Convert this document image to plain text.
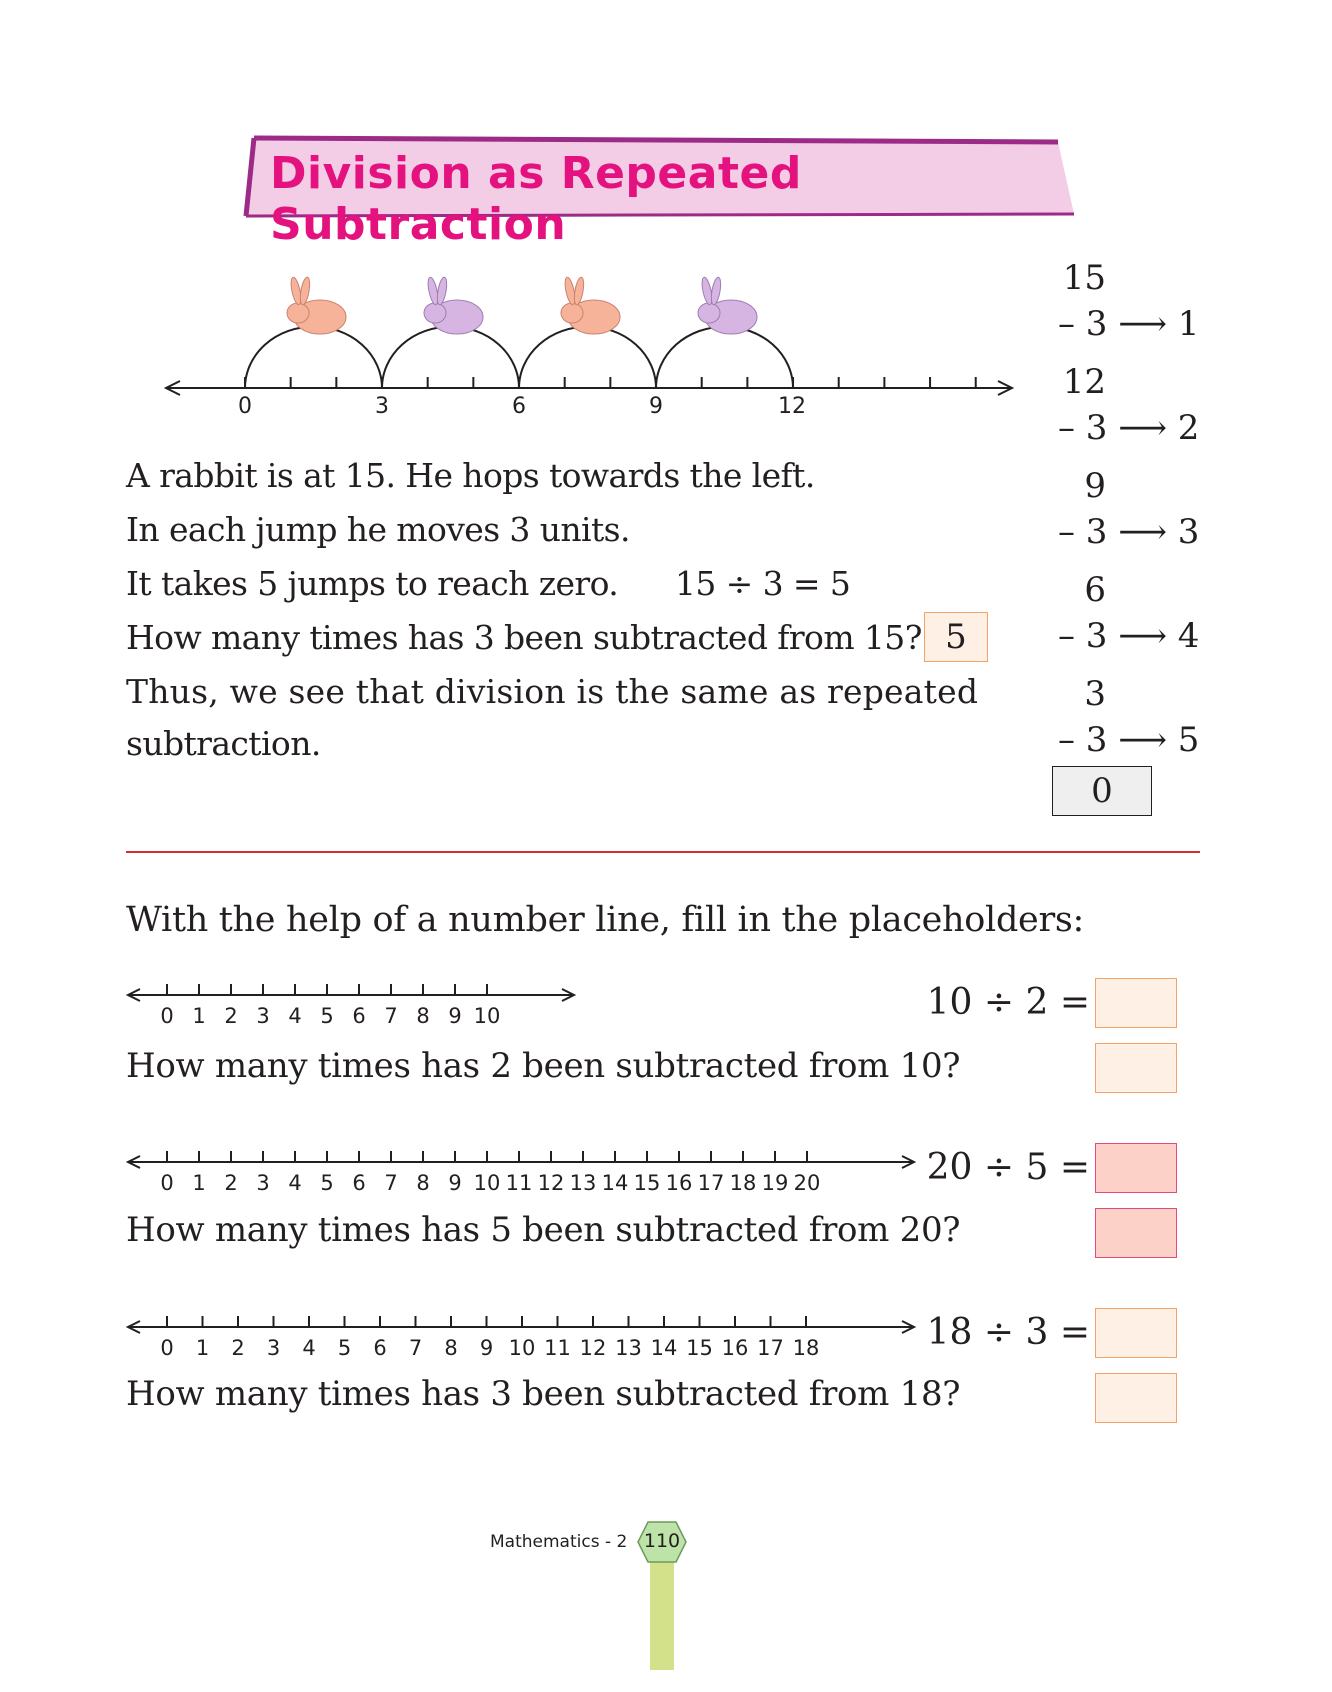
Division as Repeated Subtraction
0	3	6	9	12
A rabbit is at 15. He hops towards the left.
In each jump he moves 3 units.
It takes 5 jumps to reach zero. 15 ÷ 3 = 5
How many times has 3 been subtracted from 15? 5
Thus, we see that division is the same as repeated
subtraction.
15
– 3 ⟶ 1
12
– 3 ⟶ 2
9
– 3 ⟶ 3
6
– 3 ⟶ 4
3
– 3 ⟶ 5
0
With the help of a number line, fill in the placeholders:
0 1 2 3 4 5 6 7 8 9 10	10 ÷ 2 =
How many times has 2 been subtracted from 10?
0 1 2 3 4 5 6 7 8 9 10 11 12 13 14 15 16 17 18 19 20	20 ÷ 5 =
How many times has 5 been subtracted from 20?
0 1 2 3 4 5 6 7 8 9 10 11 12 13 14 15 16 17 18	18 ÷ 3 =
How many times has 3 been subtracted from 18?
Mathematics - 2 110
